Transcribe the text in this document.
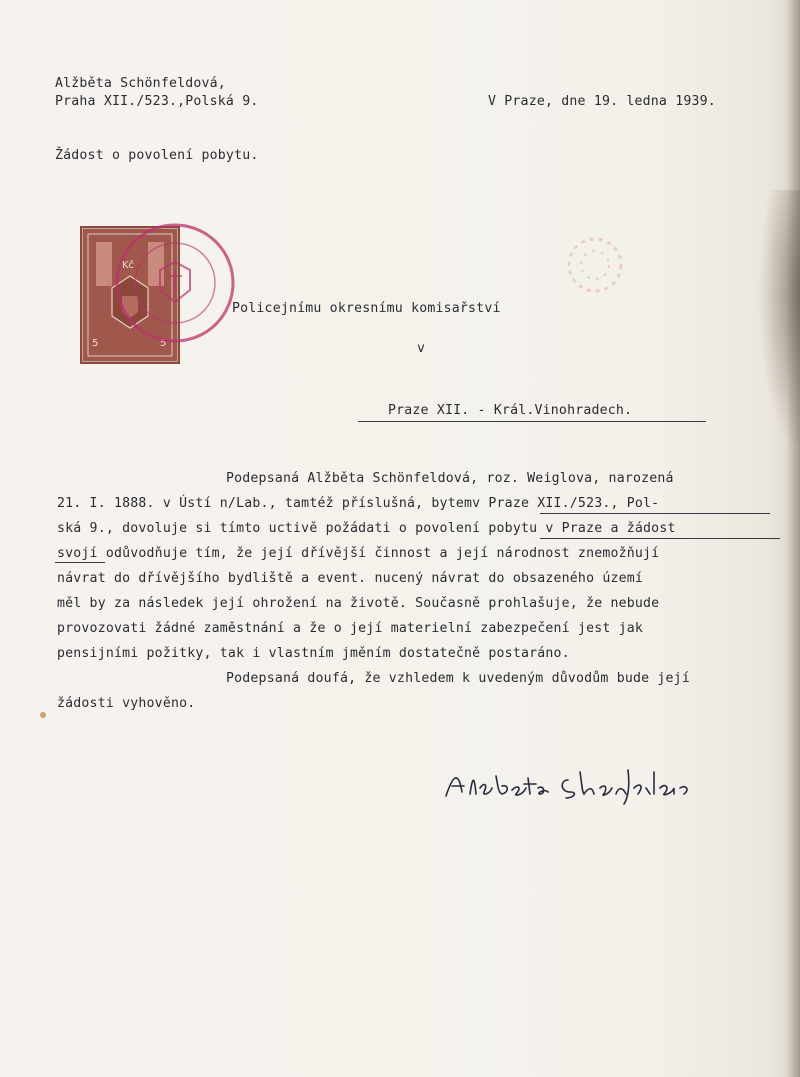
Alžběta Schönfeldová,
Praha XII./523.,Polská 9.	V Praze, dne 19. ledna 1939.
Žádost o povolení pobytu.
5	5
Kč
Policejnímu okresnímu komisařství
v
Praze XII. - Král.Vinohradech.
Podepsaná Alžběta Schönfeldová, roz. Weiglova, narozená
21. I. 1888. v Ústí n/Lab., tamtéž příslušná, bytemv Praze XII./523., Pol-
ská 9., dovoluje si tímto uctivě požádati o povolení pobytu v Praze a žádost
svojí odůvodňuje tím, že její dřívější činnost a její národnost znemožňují
návrat do dřívějšího bydliště a event. nucený návrat do obsazeného území
měl by za následek její ohrožení na životě. Současně prohlašuje, že nebude
provozovati žádné zaměstnání a že o její materielní zabezpečení jest jak
pensijními požitky, tak i vlastním jměním dostatečně postaráno.
Podepsaná doufá, že vzhledem k uvedeným důvodům bude její
žádosti vyhověno.
